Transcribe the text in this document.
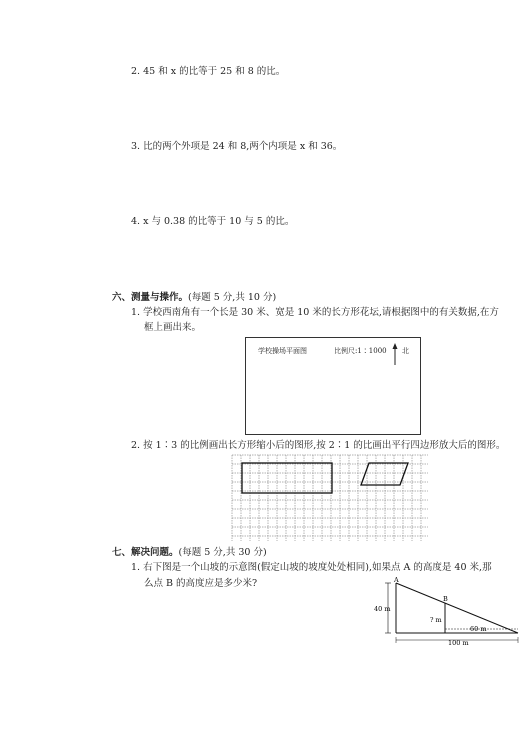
2. 45 和 x 的比等于 25 和 8 的比。
3. 比的两个外项是 24 和 8,两个内项是 x 和 36。
4. x 与 0.38 的比等于 10 与 5 的比。
六、测量与操作。(每题 5 分,共 10 分)
1. 学校西南角有一个长是 30 米、宽是 10 米的长方形花坛,请根据图中的有关数据,在方
框上画出来。
学校操场平面图	比例尺:1∶1000 北
2. 按 1∶3 的比例画出长方形缩小后的图形,按 2∶1 的比画出平行四边形放大后的图形。
七、解决问题。(每题 5 分,共 30 分)
1. 右下图是一个山坡的示意图(假定山坡的坡度处处相同),如果点 A 的高度是 40 米,那
么点 B 的高度应是多少米?	A
B
40 m
? m
60 m
100 m
